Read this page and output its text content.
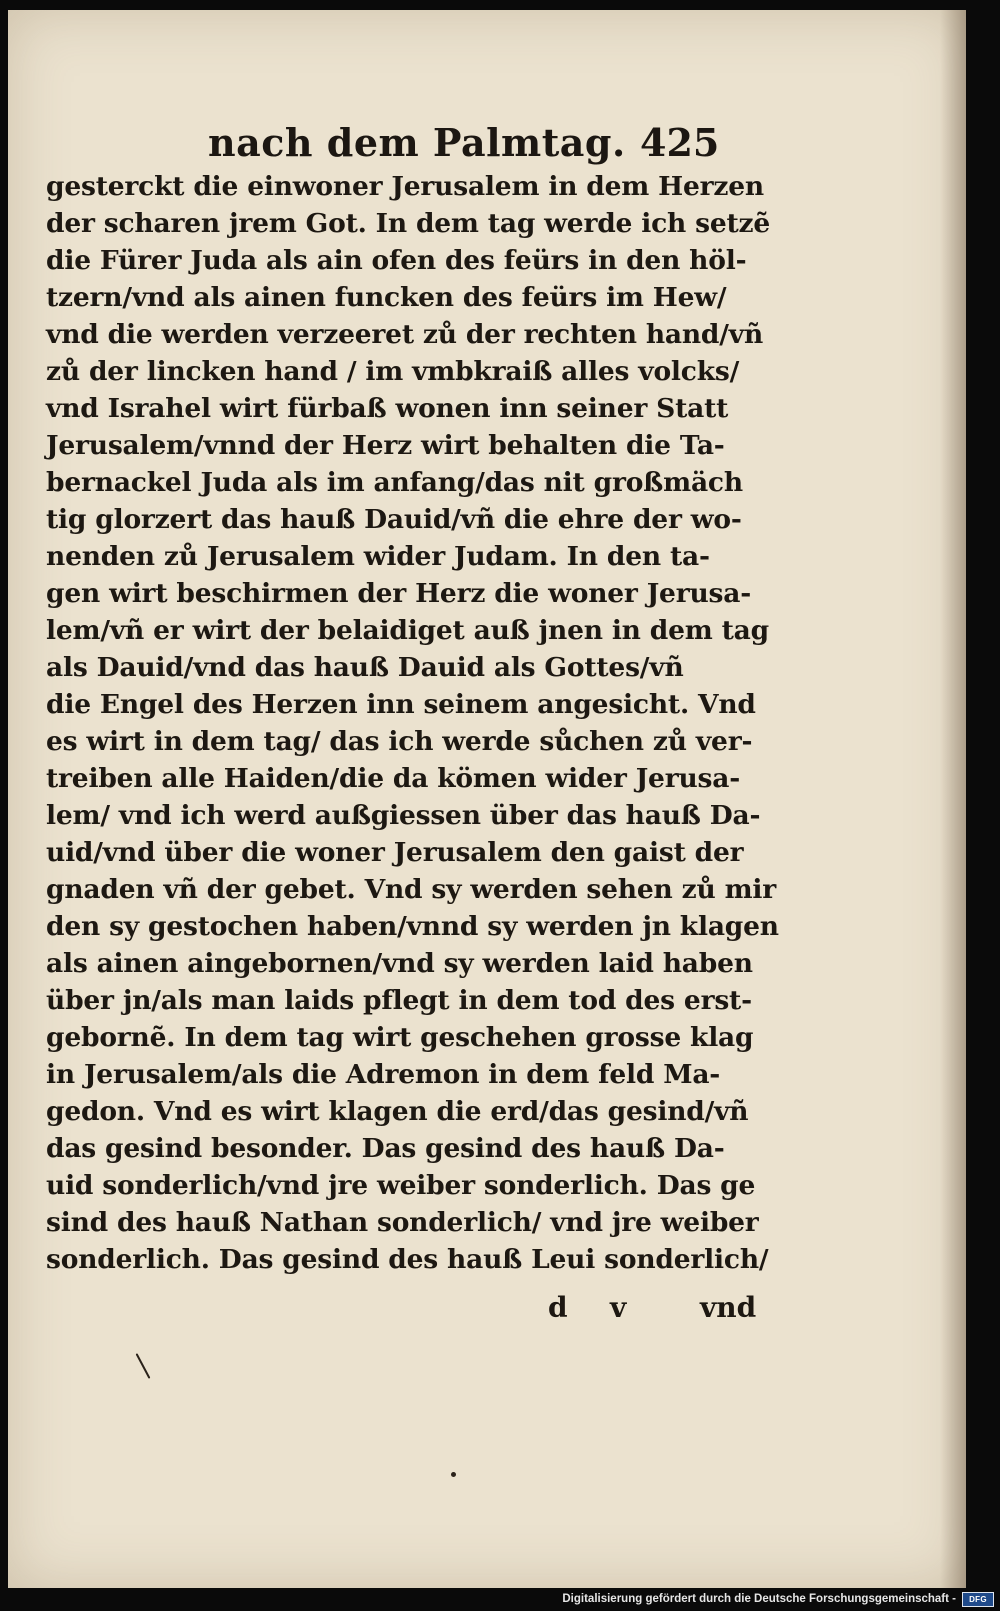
nach dem Palmtag. 425
gesterckt die einwoner Jerusalem in dem Herzen
der scharen jrem Got. In dem tag werde ich setzẽ
die Fürer Juda als ain ofen des feürs in den höl-
tzern/vnd als ainen funcken des feürs im Hew/
vnd die werden verzeeret zů der rechten hand/vñ
zů der lincken hand / im vmbkraiß alles volcks/
vnd Israhel wirt fürbaß wonen inn seiner Statt
Jerusalem/vnnd der Herz wirt behalten die Ta-
bernackel Juda als im anfang/das nit großmäch
tig glorzert das hauß Dauid/vñ die ehre der wo-
nenden zů Jerusalem wider Judam. In den ta-
gen wirt beschirmen der Herz die woner Jerusa-
lem/vñ er wirt der belaidiget auß jnen in dem tag
als Dauid/vnd das hauß Dauid als Gottes/vñ
die Engel des Herzen inn seinem angesicht. Vnd
es wirt in dem tag/ das ich werde sůchen zů ver-
treiben alle Haiden/die da kömen wider Jerusa-
lem/ vnd ich werd außgiessen über das hauß Da-
uid/vnd über die woner Jerusalem den gaist der
gnaden vñ der gebet. Vnd sy werden sehen zů mir
den sy gestochen haben/vnnd sy werden jn klagen
als ainen aingebornen/vnd sy werden laid haben
über jn/als man laids pflegt in dem tod des erst-
gebornẽ. In dem tag wirt geschehen grosse klag
in Jerusalem/als die Adremon in dem feld Ma-
gedon. Vnd es wirt klagen die erd/das gesind/vñ
das gesind besonder. Das gesind des hauß Da-
uid sonderlich/vnd jre weiber sonderlich. Das ge
sind des hauß Nathan sonderlich/ vnd jre weiber
sonderlich. Das gesind des hauß Leui sonderlich/
d v	vnd
Digitalisierung gefördert durch die Deutsche Forschungsgemeinschaft - DFG
